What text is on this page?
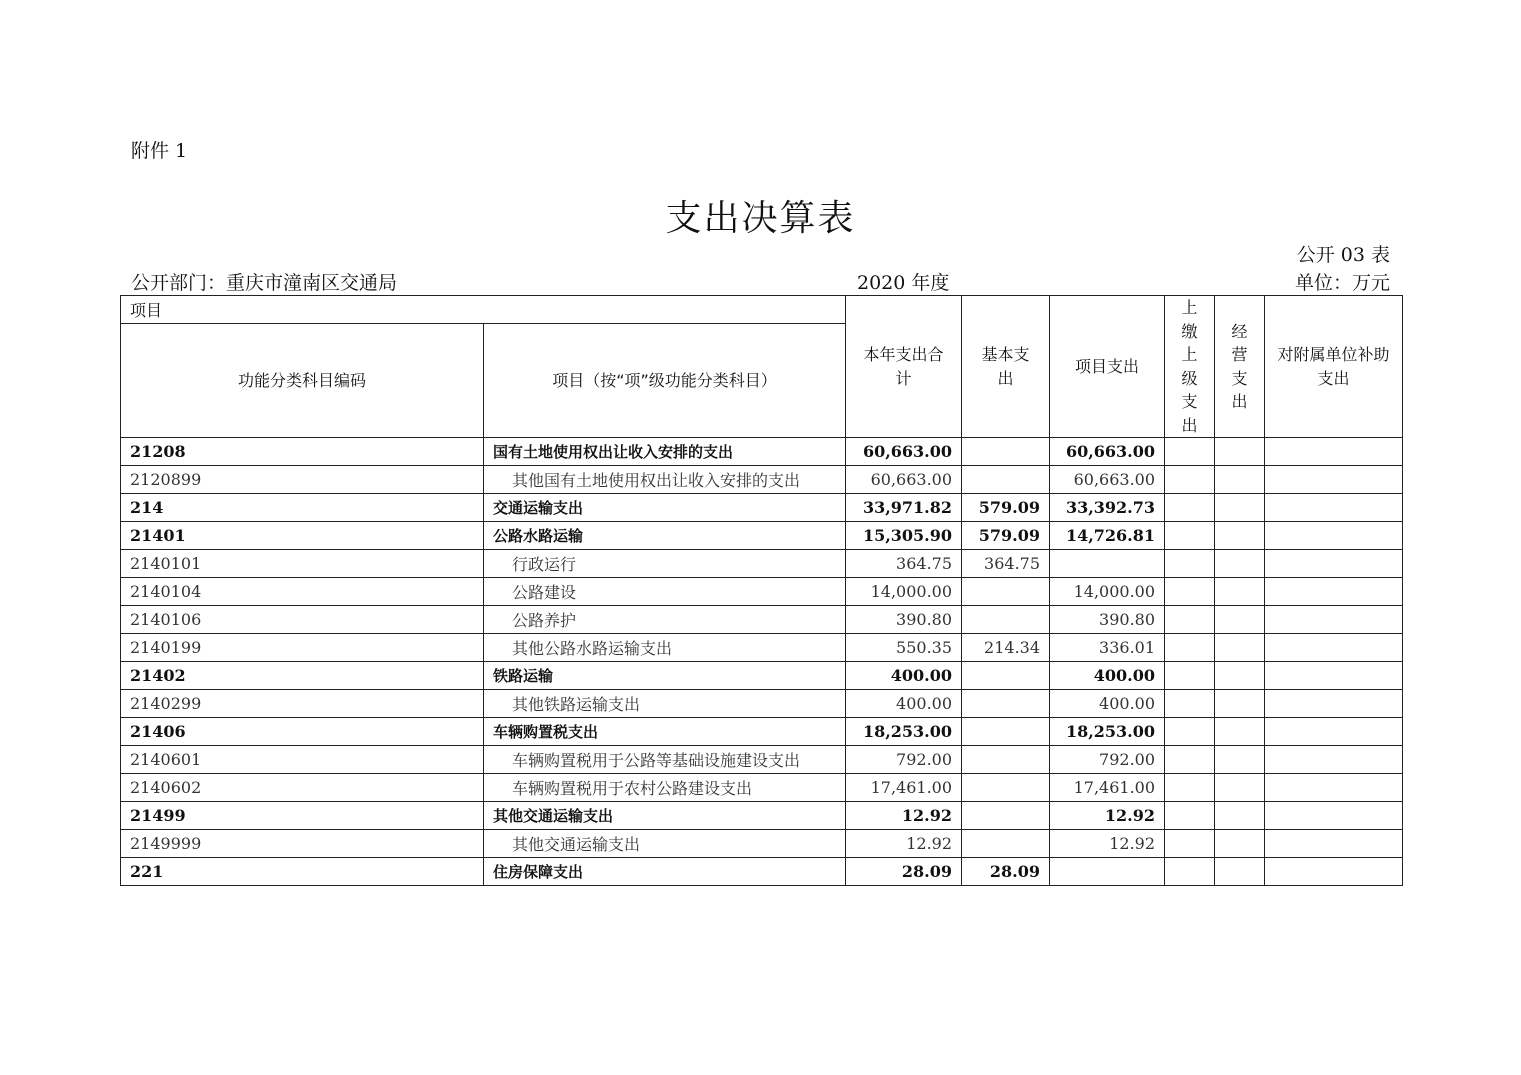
附件 1
支出决算表
公开 03 表
公开部门：重庆市潼南区交通局	2020 年度	单位：万元
项目		本年支出合计	基本支出	项目支出	上缴上级支出	经营支出	对附属单位补助支出

功能分类科目编码	项目（按“项”级功能分类科目）						
21208	国有土地使用权出让收入安排的支出	60,663.00		60,663.00			
2120899	其他国有土地使用权出让收入安排的支出	60,663.00		60,663.00			
214	交通运输支出	33,971.82	579.09	33,392.73			
21401	公路水路运输	15,305.90	579.09	14,726.81			
2140101	行政运行	364.75	364.75				
2140104	公路建设	14,000.00		14,000.00			
2140106	公路养护	390.80		390.80			
2140199	其他公路水路运输支出	550.35	214.34	336.01			
21402	铁路运输	400.00		400.00			
2140299	其他铁路运输支出	400.00		400.00			
21406	车辆购置税支出	18,253.00		18,253.00			
2140601	车辆购置税用于公路等基础设施建设支出	792.00		792.00			
2140602	车辆购置税用于农村公路建设支出	17,461.00		17,461.00			
21499	其他交通运输支出	12.92		12.92			
2149999	其他交通运输支出	12.92		12.92			
221	住房保障支出	28.09	28.09				
